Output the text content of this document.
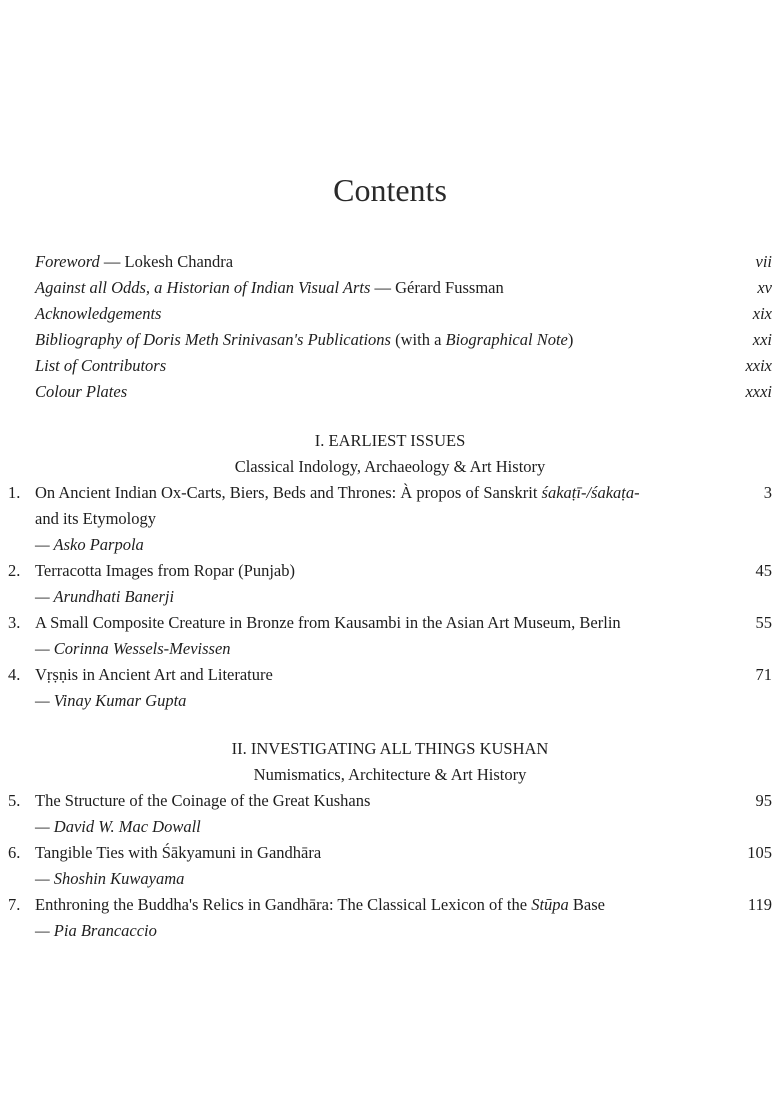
Contents
Foreword — Lokesh Chandra	vii
Against all Odds, a Historian of Indian Visual Arts — Gérard Fussman	xv
Acknowledgements	xix
Bibliography of Doris Meth Srinivasan's Publications (with a Biographical Note)	xxi
List of Contributors	xxix
Colour Plates	xxxi
I. EARLIEST ISSUES
Classical Indology, Archaeology & Art History
1. On Ancient Indian Ox-Carts, Biers, Beds and Thrones: À propos of Sanskrit śakaṭī-/śakaṭa-	3
and its Etymology
— Asko Parpola
2. Terracotta Images from Ropar (Punjab)	45
— Arundhati Banerji
3. A Small Composite Creature in Bronze from Kausambi in the Asian Art Museum, Berlin	55
— Corinna Wessels-Mevissen
4. Vṛṣṇis in Ancient Art and Literature	71
— Vinay Kumar Gupta
II. INVESTIGATING ALL THINGS KUSHAN
Numismatics, Architecture & Art History
5. The Structure of the Coinage of the Great Kushans	95
— David W. Mac Dowall
6. Tangible Ties with Śākyamuni in Gandhāra	105
— Shoshin Kuwayama
7. Enthroning the Buddha's Relics in Gandhāra: The Classical Lexicon of the Stūpa Base	119
— Pia Brancaccio
